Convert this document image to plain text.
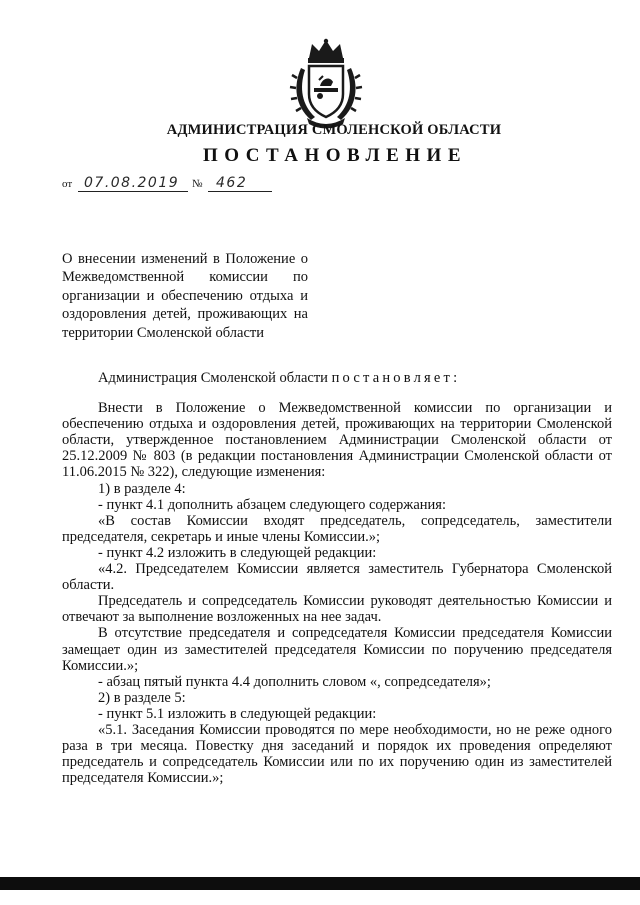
АДМИНИСТРАЦИЯ СМОЛЕНСКОЙ ОБЛАСТИ
ПОСТАНОВЛЕНИЕ
от 07.08.2019 № 462
О внесении изменений в Положение о Межведомственной комиссии по организации и обеспечению отдыха и оздоровления детей, проживающих на территории Смоленской области

Администрация Смоленской области постановляет:

Внести в Положение о Межведомственной комиссии по организации и обеспечению отдыха и оздоровления детей, проживающих на территории Смоленской области, утвержденное постановлением Администрации Смоленской области от 25.12.2009 № 803 (в редакции постановления Администрации Смоленской области от 11.06.2015 № 322), следующие изменения:

1) в разделе 4:

- пункт 4.1 дополнить абзацем следующего содержания:

«В состав Комиссии входят председатель, сопредседатель, заместители председателя, секретарь и иные члены Комиссии.»;

- пункт 4.2 изложить в следующей редакции:

«4.2. Председателем Комиссии является заместитель Губернатора Смоленской области.

Председатель и сопредседатель Комиссии руководят деятельностью Комиссии и отвечают за выполнение возложенных на нее задач.

В отсутствие председателя и сопредседателя Комиссии председателя Комиссии замещает один из заместителей председателя Комиссии по поручению председателя Комиссии.»;

- абзац пятый пункта 4.4 дополнить словом «, сопредседателя»;

2) в разделе 5:

- пункт 5.1 изложить в следующей редакции:

«5.1. Заседания Комиссии проводятся по мере необходимости, но не реже одного раза в три месяца. Повестку дня заседаний и порядок их проведения определяют председатель и сопредседатель Комиссии или по их поручению один из заместителей председателя Комиссии.»;
